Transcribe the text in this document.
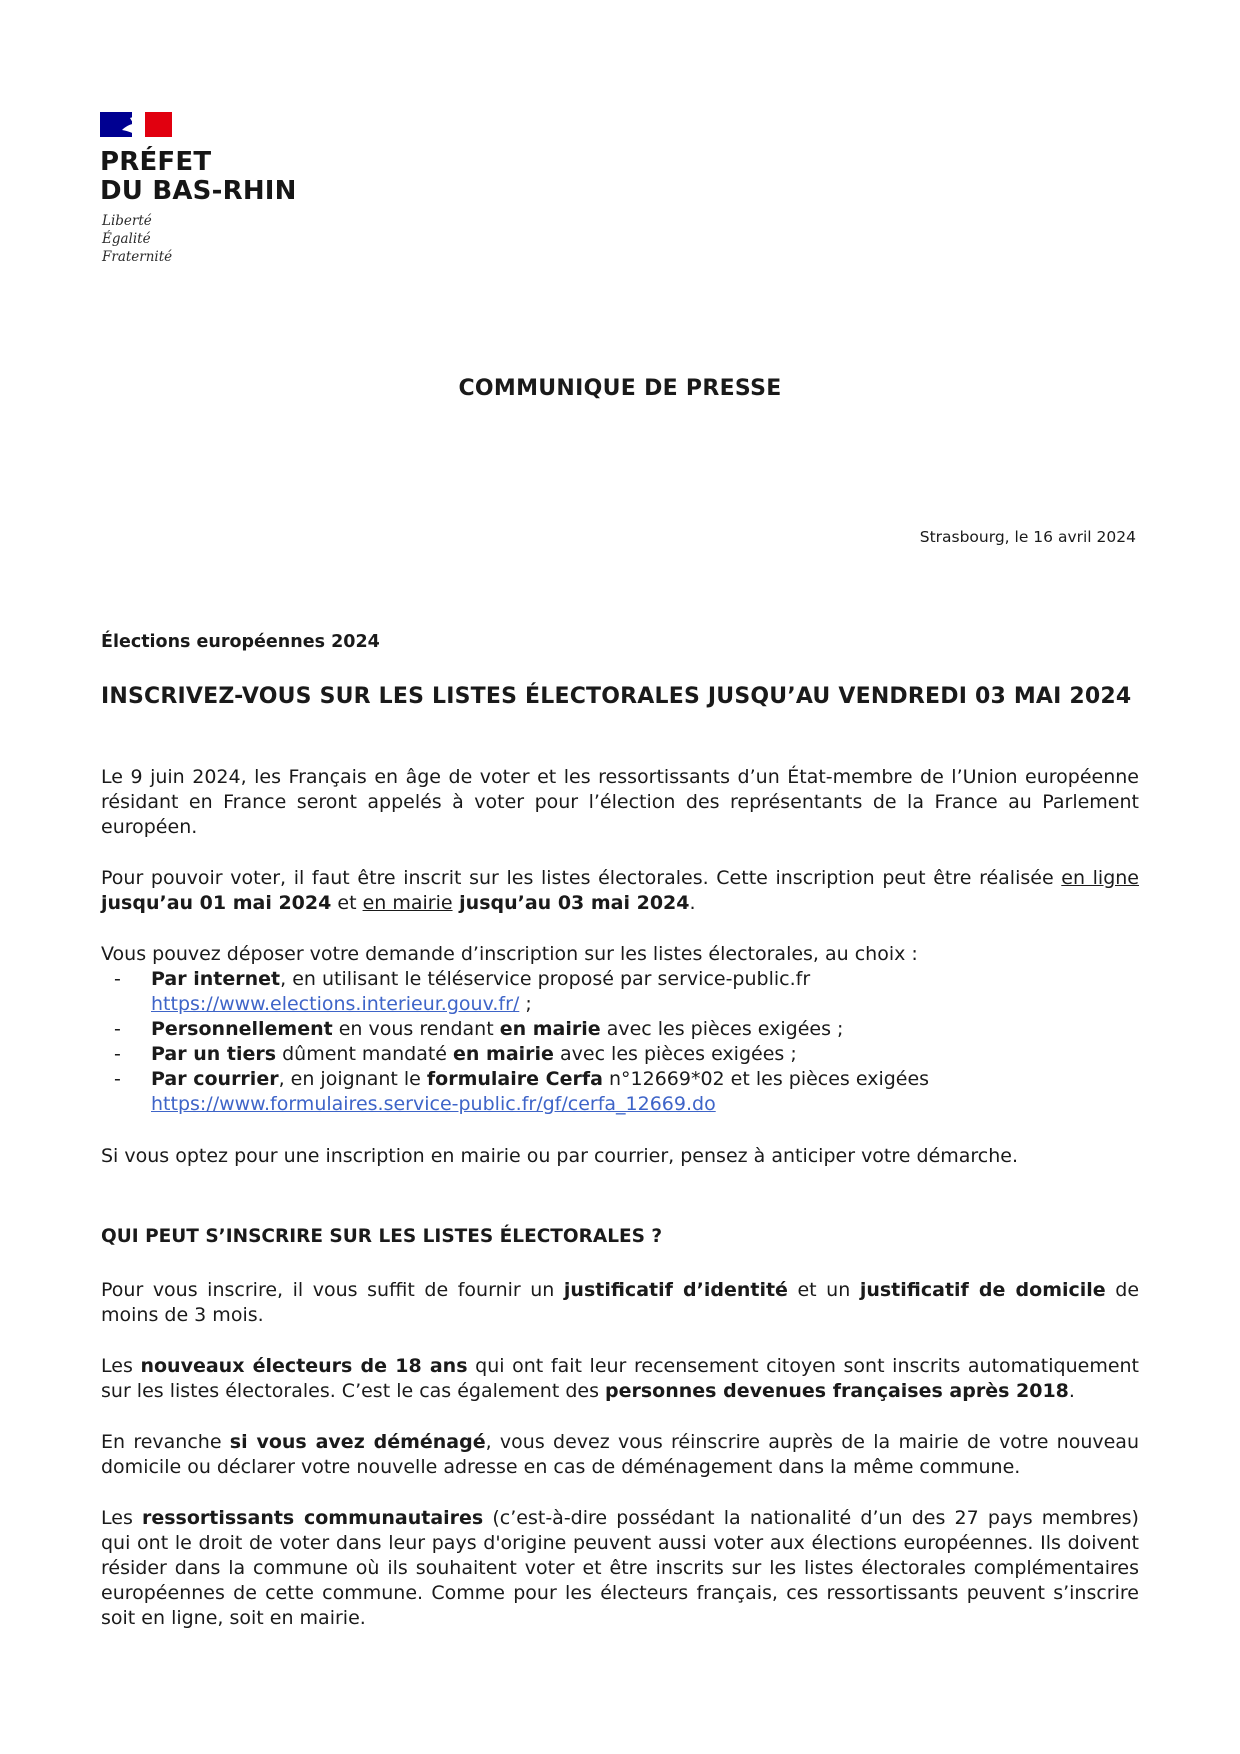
PRÉFET
DU BAS-RHIN
Liberté
Égalité
Fraternité
COMMUNIQUE DE PRESSE
Strasbourg, le 16 avril 2024
Élections européennes 2024
INSCRIVEZ-VOUS SUR LES LISTES ÉLECTORALES JUSQU’AU VENDREDI 03 MAI 2024
Le 9 juin 2024, les Français en âge de voter et les ressortissants d’un État-membre de l’Union européenne résidant en France seront appelés à voter pour l’élection des représentants de la France au Parlement européen.
Pour pouvoir voter, il faut être inscrit sur les listes électorales. Cette inscription peut être réalisée en ligne jusqu’au 01 mai 2024 et en mairie jusqu’au 03 mai 2024.
Vous pouvez déposer votre demande d’inscription sur les listes électorales, au choix :
- Par internet, en utilisant le téléservice proposé par service-public.fr
https://www.elections.interieur.gouv.fr/ ;
- Personnellement en vous rendant en mairie avec les pièces exigées ;
- Par un tiers dûment mandaté en mairie avec les pièces exigées ;
- Par courrier, en joignant le formulaire Cerfa n°12669*02 et les pièces exigées
https://www.formulaires.service-public.fr/gf/cerfa_12669.do
Si vous optez pour une inscription en mairie ou par courrier, pensez à anticiper votre démarche.
QUI PEUT S’INSCRIRE SUR LES LISTES ÉLECTORALES ?
Pour vous inscrire, il vous suffit de fournir un justificatif d’identité et un justificatif de domicile de moins de 3 mois.
Les nouveaux électeurs de 18 ans qui ont fait leur recensement citoyen sont inscrits automatiquement sur les listes électorales. C’est le cas également des personnes devenues françaises après 2018.
En revanche si vous avez déménagé, vous devez vous réinscrire auprès de la mairie de votre nouveau domicile ou déclarer votre nouvelle adresse en cas de déménagement dans la même commune.
Les ressortissants communautaires (c’est-à-dire possédant la nationalité d’un des 27 pays membres) qui ont le droit de voter dans leur pays d'origine peuvent aussi voter aux élections européennes. Ils doivent résider dans la commune où ils souhaitent voter et être inscrits sur les listes électorales complémentaires européennes de cette commune. Comme pour les électeurs français, ces ressortissants peuvent s’inscrire soit en ligne, soit en mairie.
